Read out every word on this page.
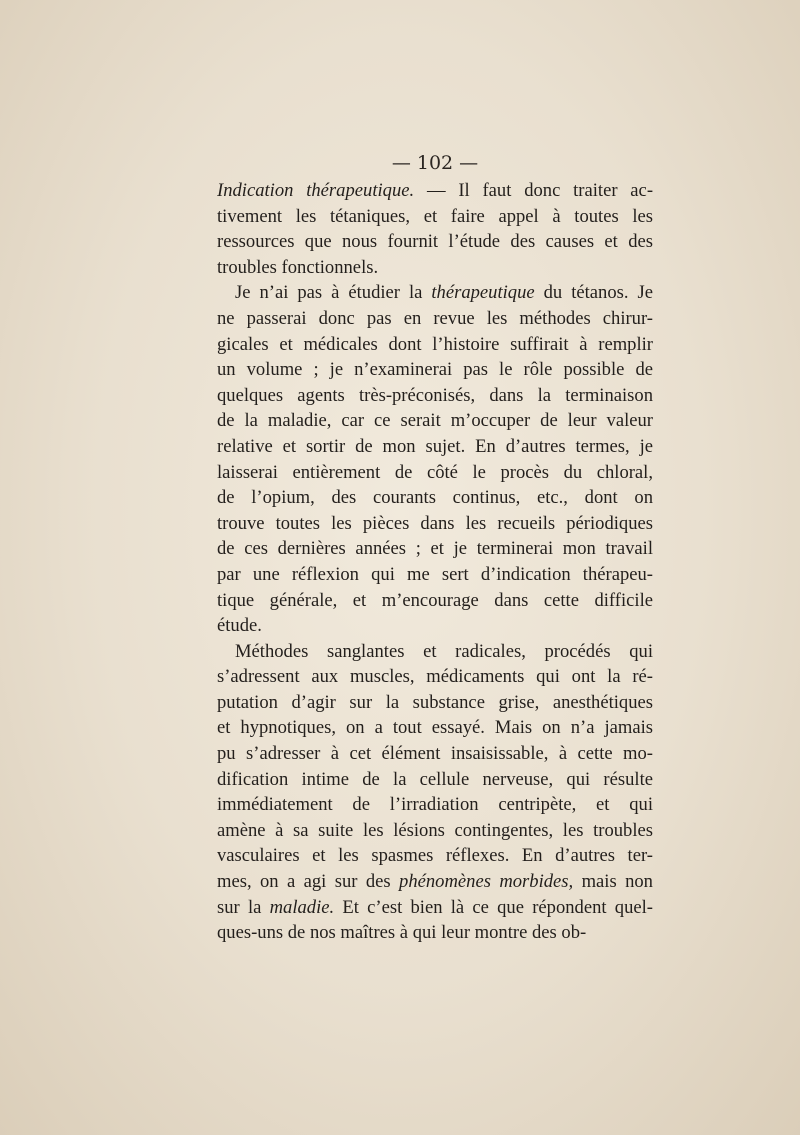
— 102 —
Indication thérapeutique. — Il faut donc traiter ac-
tivement les tétaniques, et faire appel à toutes les
ressources que nous fournit l’étude des causes et des
troubles fonctionnels.
Je n’ai pas à étudier la thérapeutique du tétanos. Je
ne passerai donc pas en revue les méthodes chirur-
gicales et médicales dont l’histoire suffirait à remplir
un volume ; je n’examinerai pas le rôle possible de
quelques agents très-préconisés, dans la terminaison
de la maladie, car ce serait m’occuper de leur valeur
relative et sortir de mon sujet. En d’autres termes, je
laisserai entièrement de côté le procès du chloral,
de l’opium, des courants continus, etc., dont on
trouve toutes les pièces dans les recueils périodiques
de ces dernières années ; et je terminerai mon travail
par une réflexion qui me sert d’indication thérapeu-
tique générale, et m’encourage dans cette difficile
étude.
Méthodes sanglantes et radicales, procédés qui
s’adressent aux muscles, médicaments qui ont la ré-
putation d’agir sur la substance grise, anesthétiques
et hypnotiques, on a tout essayé. Mais on n’a jamais
pu s’adresser à cet élément insaisissable, à cette mo-
dification intime de la cellule nerveuse, qui résulte
immédiatement de l’irradiation centripète, et qui
amène à sa suite les lésions contingentes, les troubles
vasculaires et les spasmes réflexes. En d’autres ter-
mes, on a agi sur des phénomènes morbides, mais non
sur la maladie. Et c’est bien là ce que répondent quel-
ques-uns de nos maîtres à qui leur montre des ob-
